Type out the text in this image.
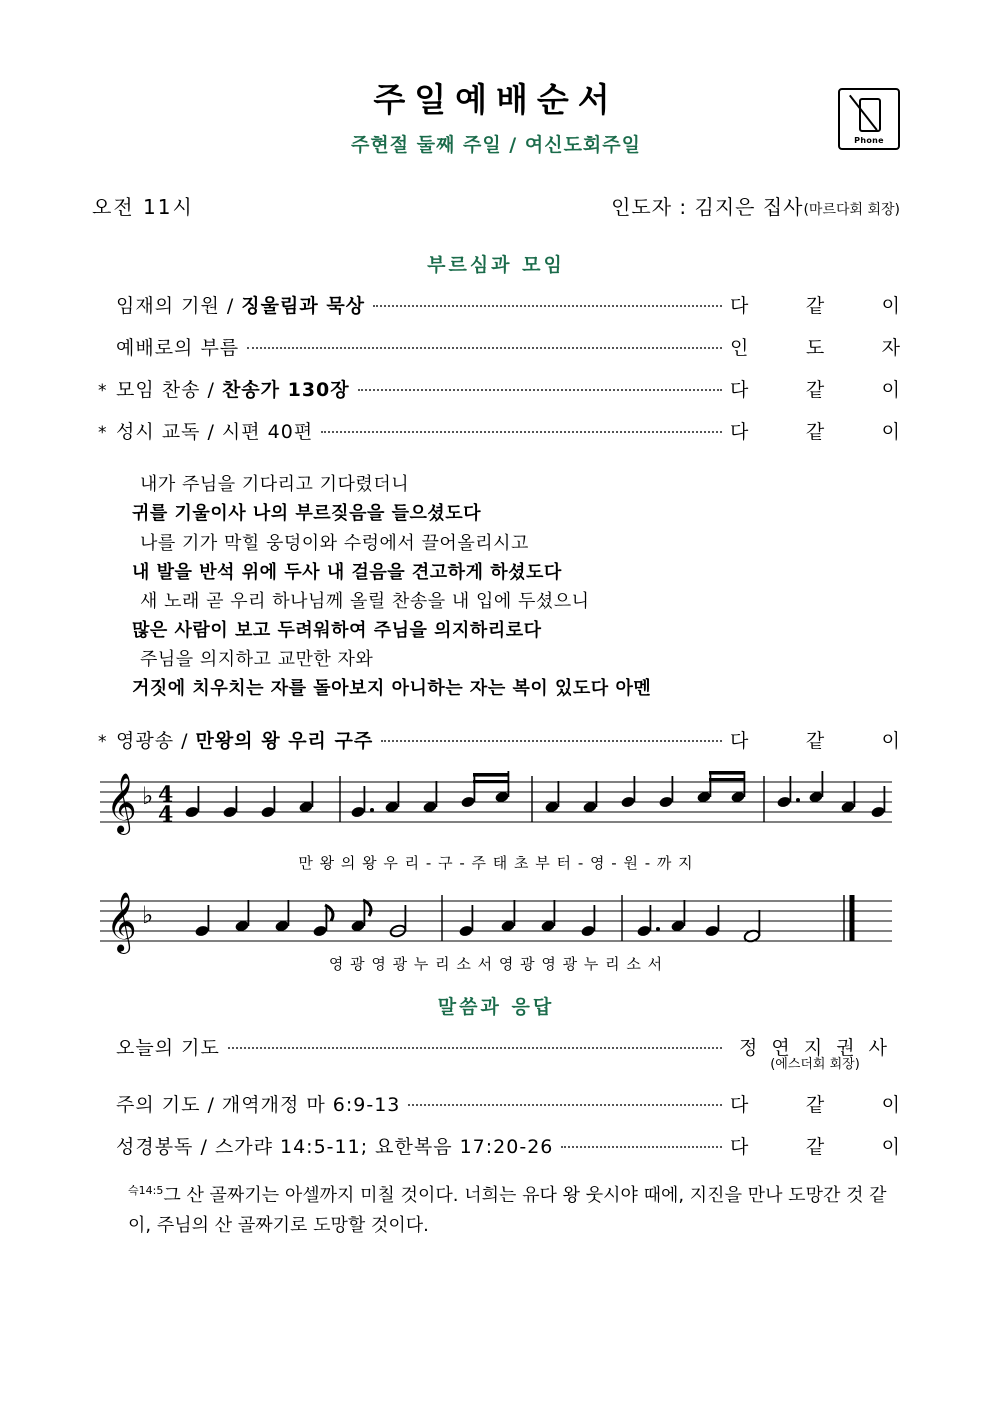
주일예배순서
주현절 둘째 주일 / 여신도회주일	Phone
오전 11시	인도자 : 김지은 집사(마르다회 회장)
부르심과 모임
임재의 기원 / 징울림과 묵상	다	같	이
예배로의 부름	인	도	자
* 모임 찬송 / 찬송가 130장	다	같	이
* 성시 교독 / 시편 40편	다	같	이
내가 주님을 기다리고 기다렸더니
귀를 기울이사 나의 부르짖음을 들으셨도다
나를 기가 막힐 웅덩이와 수렁에서 끌어올리시고
내 발을 반석 위에 두사 내 걸음을 견고하게 하셨도다
새 노래 곧 우리 하나님께 올릴 찬송을 내 입에 두셨으니
많은 사람이 보고 두려워하여 주님을 의지하리로다
주님을 의지하고 교만한 자와
거짓에 치우치는 자를 돌아보지 아니하는 자는 복이 있도다 아멘
* 영광송 / 만왕의 왕 우리 구주	다	같	이
𝄞 ♭ 4
4
만 왕 의 왕 우 리 - 구 - 주 태 초 부 터 - 영 - 원 - 까 지
𝄞 ♭
영 광 영 광 누 리 소 서 영 광 영 광 누 리 소 서
말씀과 응답
오늘의 기도	정 연 지 권 사
(에스더회 회장)
주의 기도 / 개역개정 마 6:9-13	다	같	이
성경봉독 / 스가랴 14:5-11; 요한복음 17:20-26	다	같	이
$^{슥14:5}$그 산 골짜기는 아셀까지 미칠 것이다. 너희는 유다 왕 웃시야 때에, 지진을 만나 도망간 것 같이, 주님의 산 골짜기로 도망할 것이다.
